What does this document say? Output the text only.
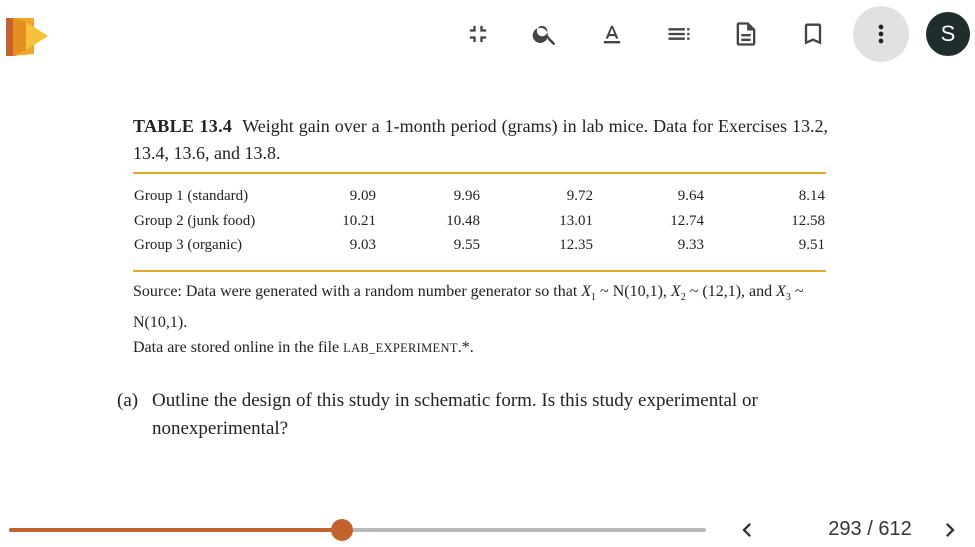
S

TABLE 13.4 Weight gain over a 1-month period (grams) in lab mice. Data for Exercises 13.2, 13.4, 13.6, and 13.8.

Group 1 (standard)	9.09	9.96	9.72	9.64	8.14
Group 2 (junk food)	10.21	10.48	13.01	12.74	12.58
Group 3 (organic)	9.03	9.55	12.35	9.33	9.51
Source: Data were generated with a random number generator so that $X_1$ ~ N(10,1), $X_2$ ~ (12,1), and $X_3$ ~ N(10,1).
Data are stored online in the file LAB_EXPERIMENT.*.
(a) Outline the design of this study in schematic form. Is this study experimental or nonexperimental?
293 / 612
